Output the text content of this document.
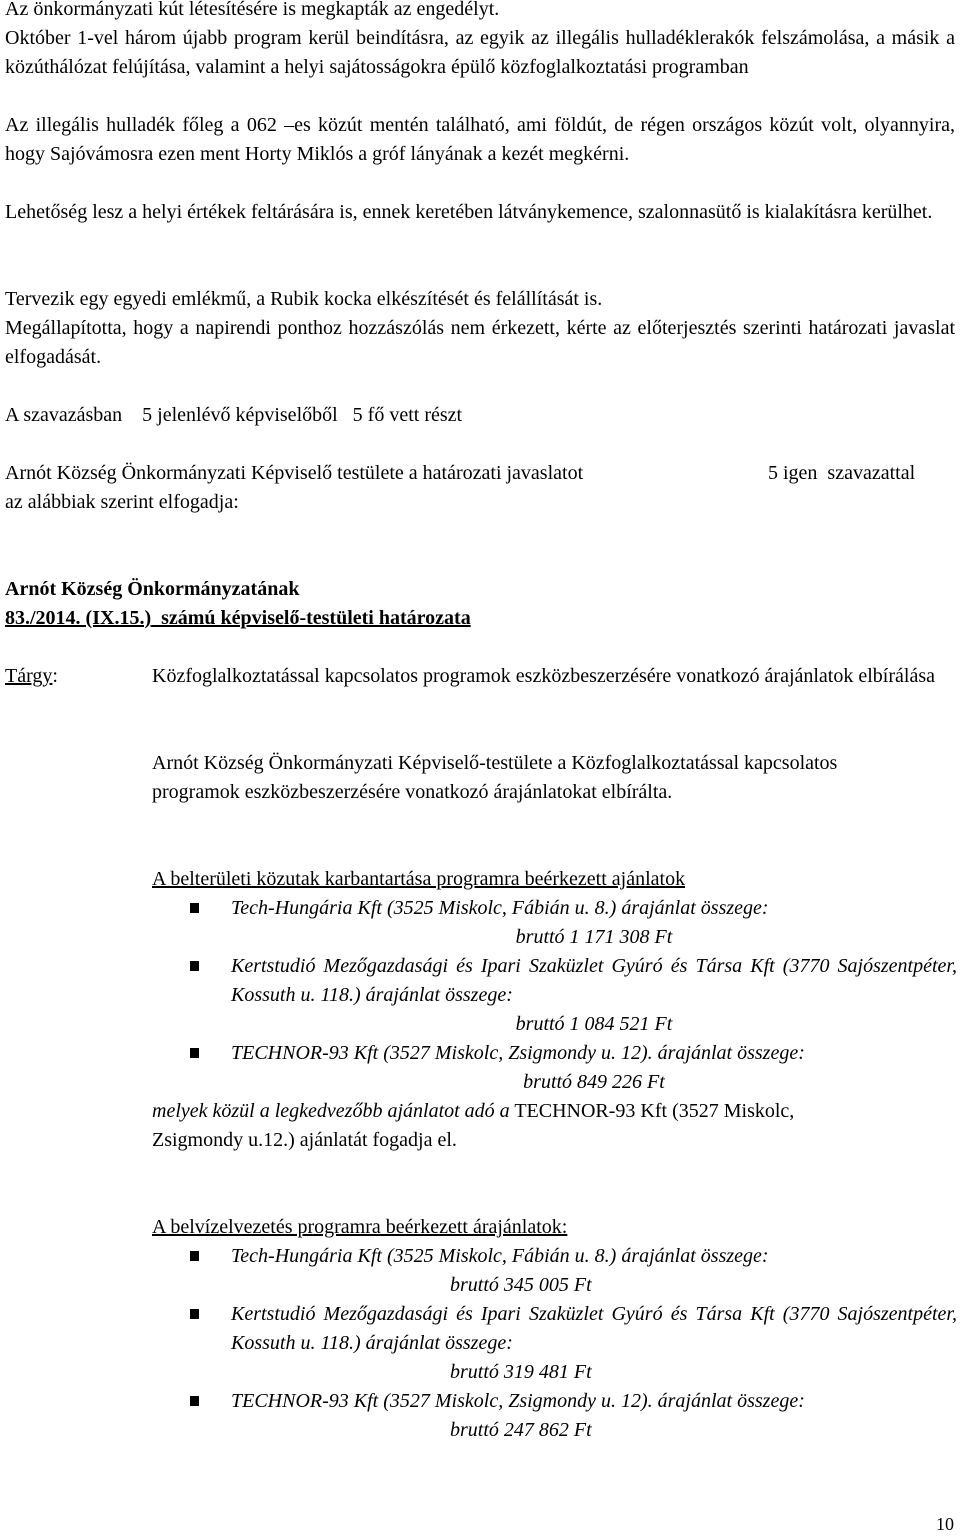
Az önkormányzati kút létesítésére is megkapták az engedélyt.

Október 1-vel három újabb program kerül beindításra, az egyik az illegális hulladéklerakók felszámolása, a másik a közúthálózat felújítása, valamint a helyi sajátosságokra épülő közfoglalkoztatási programban

Az illegális hulladék főleg a 062 –es közút mentén található, ami földút, de régen országos közút volt, olyannyira, hogy Sajóvámosra ezen ment Horty Miklós a gróf lányának a kezét megkérni.

Lehetőség lesz a helyi értékek feltárására is, ennek keretében látványkemence, szalonnasütő is kialakításra kerülhet.

Tervezik egy egyedi emlékmű, a Rubik kocka elkészítését és felállítását is.

Megállapította, hogy a napirendi ponthoz hozzászólás nem érkezett, kérte az előterjesztés szerinti határozati javaslat elfogadását.

A szavazásban    5 jelenlévő képviselőből   5 fő vett részt

Arnót Község Önkormányzati Képviselő testülete a határozati javaslatot	5 igen  szavazattal

az alábbiak szerint elfogadja:

Arnót Község Önkormányzatának

83./2014. (IX.15.)  számú képviselő-testületi határozata

Tárgy:	Közfoglalkoztatással kapcsolatos programok eszközbeszerzésére vonatkozó árajánlatok elbírálása

Arnót Község Önkormányzati Képviselő-testülete a Közfoglalkoztatással kapcsolatos programok eszközbeszerzésére vonatkozó árajánlatokat elbírálta.

A belterületi közutak karbantartása programra beérkezett ajánlatok

Tech-Hungária Kft (3525 Miskolc, Fábián u. 8.) árajánlat összege:
bruttó 1 171 308 Ft
Kertstudió Mezőgazdasági és Ipari Szaküzlet Gyúró és Társa Kft (3770 Sajószentpéter, Kossuth u. 118.) árajánlat összege:
bruttó 1 084 521 Ft
TECHNOR-93 Kft (3527 Miskolc, Zsigmondy u. 12). árajánlat összege:
bruttó 849 226 Ft

melyek közül a legkedvezőbb ajánlatot adó a TECHNOR-93 Kft (3527 Miskolc, Zsigmondy u.12.) ajánlatát fogadja el.

A belvízelvezetés programra beérkezett árajánlatok:

Tech-Hungária Kft (3525 Miskolc, Fábián u. 8.) árajánlat összege:
bruttó 345 005 Ft
Kertstudió Mezőgazdasági és Ipari Szaküzlet Gyúró és Társa Kft (3770 Sajószentpéter, Kossuth u. 118.) árajánlat összege:
bruttó 319 481 Ft
TECHNOR-93 Kft (3527 Miskolc, Zsigmondy u. 12). árajánlat összege:
bruttó 247 862 Ft
10
